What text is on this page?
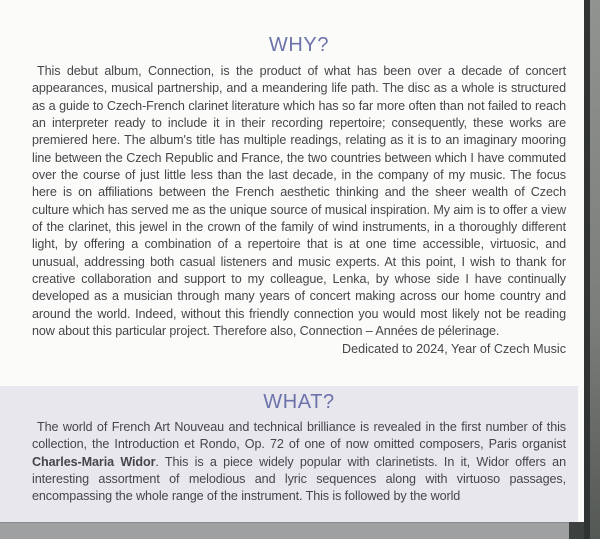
WHY?

This debut album, Connection, is the product of what has been over a decade of concert appearances, musical partnership, and a meandering life path. The disc as a whole is structured as a guide to Czech-French clarinet literature which has so far more often than not failed to reach an interpreter ready to include it in their recording repertoire; consequently, these works are premiered here. The album's title has multiple readings, relating as it is to an imaginary mooring line between the Czech Republic and France, the two countries between which I have commuted over the course of just little less than the last decade, in the company of my music. The focus here is on affiliations between the French aesthetic thinking and the sheer wealth of Czech culture which has served me as the unique source of musical inspiration. My aim is to offer a view of the clarinet, this jewel in the crown of the family of wind instruments, in a thoroughly different light, by offering a combination of a repertoire that is at one time accessible, virtuosic, and unusual, addressing both casual listeners and music experts. At this point, I wish to thank for creative collaboration and support to my colleague, Lenka, by whose side I have continually developed as a musician through many years of concert making across our home country and around the world. Indeed, without this friendly connection you would most likely not be reading now about this particular project. Therefore also, Connection – Années de pélerinage.

Dedicated to 2024, Year of Czech Music

WHAT?

The world of French Art Nouveau and technical brilliance is revealed in the first number of this collection, the Introduction et Rondo, Op. 72 of one of now omitted composers, Paris organist Charles-Maria Widor. This is a piece widely popular with clarinetists. In it, Widor offers an interesting assortment of melodious and lyric sequences along with virtuoso passages, encompassing the whole range of the instrument. This is followed by the world
